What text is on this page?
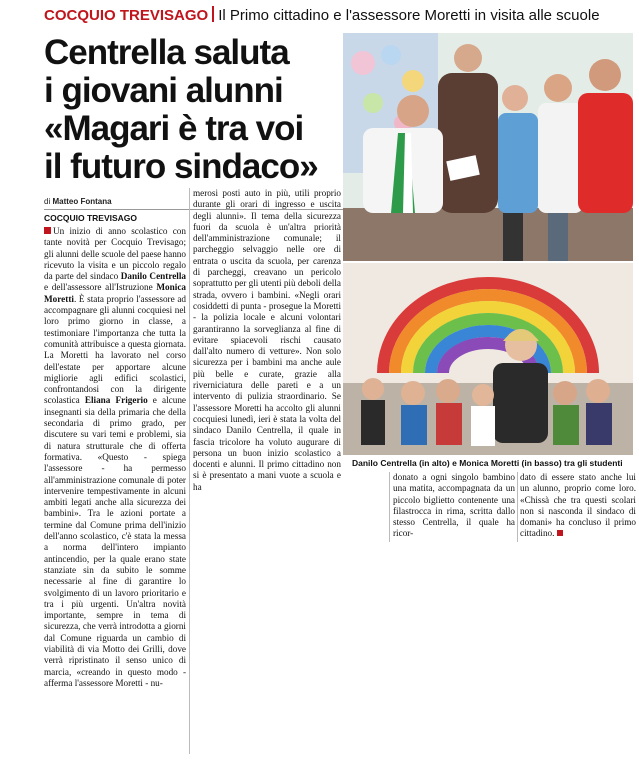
COCQUIO TREVISAGO Il Primo cittadino e l'assessore Moretti in visita alle scuole
Centrella saluta
i giovani alunni
«Magari è tra voi
il futuro sindaco»
di Matteo Fontana
COCQUIO TREVISAGO

Un inizio di anno scolastico con tante novità per Cocquio Trevisago; gli alunni delle scuole del paese hanno ricevuto la visita e un piccolo regalo da parte del sindaco Danilo Centrella e dell'assessore all'Istruzione Monica Moretti. È stata proprio l'assessore ad accompagnare gli alunni cocquiesi nel loro primo giorno in classe, a testimoniare l'importanza che tutta la comunità attribuisce a questa giornata. La Moretti ha lavorato nel corso dell'estate per apportare alcune migliorie agli edifici scolastici, confrontandosi con la dirigente scolastica Eliana Frigerio e alcune insegnanti sia della primaria che della secondaria di primo grado, per discutere su vari temi e problemi, sia di natura strutturale che di offerta formativa. «Questo - spiega l'assessore - ha permesso all'amministrazione comunale di poter intervenire tempestivamente in alcuni ambiti legati anche alla sicurezza dei bambini». Tra le azioni portate a termine dal Comune prima dell'inizio dell'anno scolastico, c'è stata la messa a norma dell'intero impianto antincendio, per la quale erano state stanziate sin da subito le somme necessarie al fine di garantire lo svolgimento di un lavoro prioritario e tra i più urgenti. Un'altra novità importante, sempre in tema di sicurezza, che verrà introdotta a giorni dal Comune riguarda un cambio di viabilità di via Motto dei Grilli, dove verrà ripristinato il senso unico di marcia, «creando in questo modo - afferma l'assessore Moretti - nu-

merosi posti auto in più, utili proprio durante gli orari di ingresso e uscita degli alunni». Il tema della sicurezza fuori da scuola è un'altra priorità dell'amministrazione comunale; il parcheggio selvaggio nelle ore di entrata o uscita da scuola, per carenza di parcheggi, creavano un pericolo soprattutto per gli utenti più deboli della strada, ovvero i bambini. «Negli orari cosiddetti di punta - prosegue la Moretti - la polizia locale e alcuni volontari garantiranno la sorveglianza al fine di evitare spiacevoli rischi causato dall'alto numero di vetture». Non solo sicurezza per i bambini ma anche aule più belle e curate, grazie alla riverniciatura delle pareti e a un intervento di pulizia straordinario. Se l'assessore Moretti ha accolto gli alunni cocquiesi lunedì, ieri è stata la volta del sindaco Danilo Centrella, il quale in fascia tricolore ha voluto augurare di persona un buon inizio scolastico a docenti e alunni. Il primo cittadino non si è presentato a mani vuote a scuola e ha

Danilo Centrella (in alto) e Monica Moretti (in basso) tra gli studenti

donato a ogni singolo bambino una matita, accompagnata da un piccolo biglietto contenente una filastrocca in rima, scritta dallo stesso Centrella, il quale ha ricor-

dato di essere stato anche lui un alunno, proprio come loro. «Chissà che tra questi scolari non si nasconda il sindaco di domani» ha concluso il primo cittadino.
